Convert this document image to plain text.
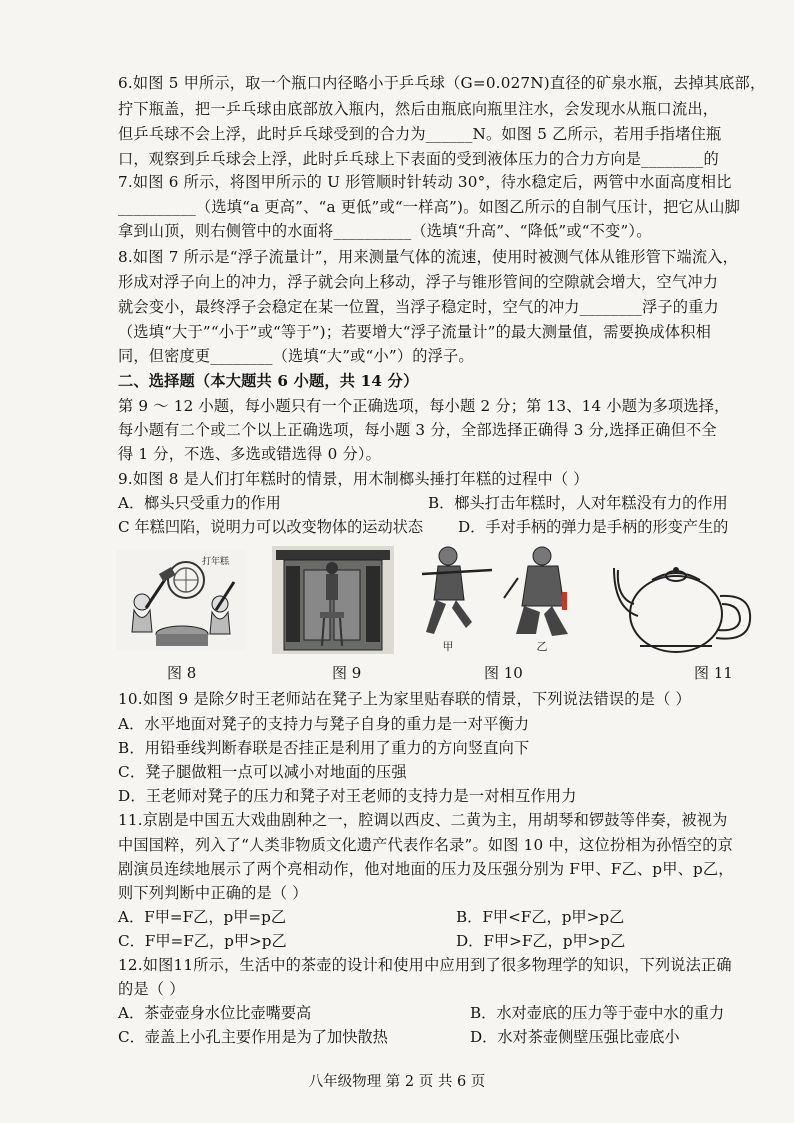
6.如图 5 甲所示，取一个瓶口内径略小于乒乓球（G=0.027N)直径的矿泉水瓶，去掉其底部，

拧下瓶盖，把一乒乓球由底部放入瓶内，然后由瓶底向瓶里注水，会发现水从瓶口流出，

但乒乓球不会上浮，此时乒乓球受到的合力为______N。如图 5 乙所示，若用手指堵住瓶

口，观察到乒乓球会上浮，此时乒乓球上下表面的受到液体压力的合力方向是________的

7.如图 6 所示，将图甲所示的 U 形管顺时针转动 30°，待水稳定后，两管中水面高度相比

__________（选填“a 更高”、“a 更低”或“一样高”)。如图乙所示的自制气压计，把它从山脚

拿到山顶，则右侧管中的水面将__________（选填“升高”、“降低”或“不变”）。

8.如图 7 所示是“浮子流量计”，用来测量气体的流速，使用时被测气体从锥形管下端流入，

形成对浮子向上的冲力，浮子就会向上移动，浮子与锥形管间的空隙就会增大，空气冲力

就会变小，最终浮子会稳定在某一位置，当浮子稳定时，空气的冲力________浮子的重力

（选填“大于”“小于”或“等于”)；若要增大“浮子流量计”的最大测量值，需要换成体积相

同，但密度更________（选填“大”或“小”）的浮子。

二、选择题（本大题共 6 小题，共 14 分）

第 9 ～ 12 小题，每小题只有一个正确选项，每小题 2 分；第 13、14 小题为多项选择，

每小题有二个或二个以上正确选项，每小题 3 分，全部选择正确得 3 分,选择正确但不全

得 1 分，不选、多选或错选得 0 分）。

9.如图 8 是人们打年糕时的情景，用木制榔头捶打年糕的过程中（ ）

A．榔头只受重力的作用	B．榔头打击年糕时，人对年糕没有力的作用
C 年糕凹陷，说明力可以改变物体的运动状态 D．手对手柄的弹力是手柄的形变产生的
打年糕
图 8	图 9
甲	乙
图 10	图 11

10.如图 9 是除夕时王老师站在凳子上为家里贴春联的情景，下列说法错误的是（ ）

A．水平地面对凳子的支持力与凳子自身的重力是一对平衡力

B．用铅垂线判断春联是否挂正是利用了重力的方向竖直向下

C．凳子腿做粗一点可以减小对地面的压强

D．王老师对凳子的压力和凳子对王老师的支持力是一对相互作用力

11.京剧是中国五大戏曲剧种之一，腔调以西皮、二黄为主，用胡琴和锣鼓等伴奏，被视为

中国国粹，列入了“人类非物质文化遗产代表作名录”。如图 10 中，这位扮相为孙悟空的京

剧演员连续地展示了两个亮相动作，他对地面的压力及压强分别为 F甲、F乙、p甲、p乙，

则下列判断中正确的是（ ）

A．F甲=F乙，p甲=p乙	B．F甲<F乙，p甲>p乙
C．F甲=F乙，p甲>p乙	D．F甲>F乙，p甲>p乙

12.如图11所示，生活中的茶壶的设计和使用中应用到了很多物理学的知识，下列说法正确

的是（ ）

A．茶壶壶身水位比壶嘴要高	B．水对壶底的压力等于壶中水的重力
C．壶盖上小孔主要作用是为了加快散热	D．水对茶壶侧壁压强比壶底小
八年级物理 第 2 页 共 6 页
